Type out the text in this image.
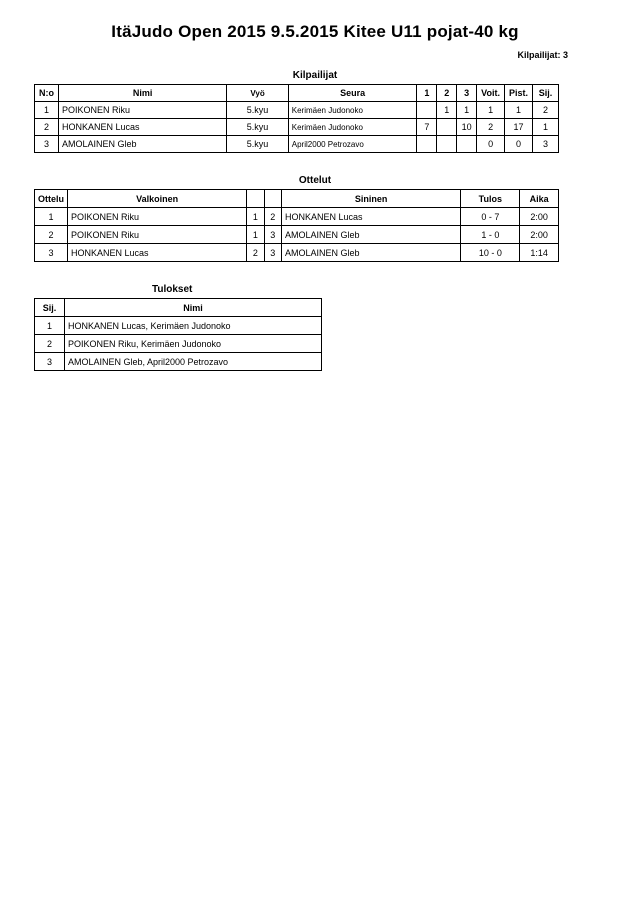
ItäJudo Open 2015 9.5.2015 Kitee U11 pojat-40 kg
Kilpailijat: 3
Kilpailijat
N:o	Nimi	Vyö	Seura	1	2	3	Voit.	Pist.	Sij.
1	POIKONEN Riku	5.kyu	Kerimäen Judonoko		1	1	1	1	2
2	HONKANEN Lucas	5.kyu	Kerimäen Judonoko	7		10	2	17	1
3	AMOLAINEN Gleb	5.kyu	April2000 Petrozavo				0	0	3
Ottelut
Ottelu	Valkoinen			Sininen	Tulos	Aika
1	POIKONEN Riku	1	2	HONKANEN Lucas	0 - 7	2:00
2	POIKONEN Riku	1	3	AMOLAINEN Gleb	1 - 0	2:00
3	HONKANEN Lucas	2	3	AMOLAINEN Gleb	10 - 0	1:14
Tulokset
Sij.	Nimi
1	HONKANEN Lucas, Kerimäen Judonoko
2	POIKONEN Riku, Kerimäen Judonoko
3	AMOLAINEN Gleb, April2000 Petrozavo
